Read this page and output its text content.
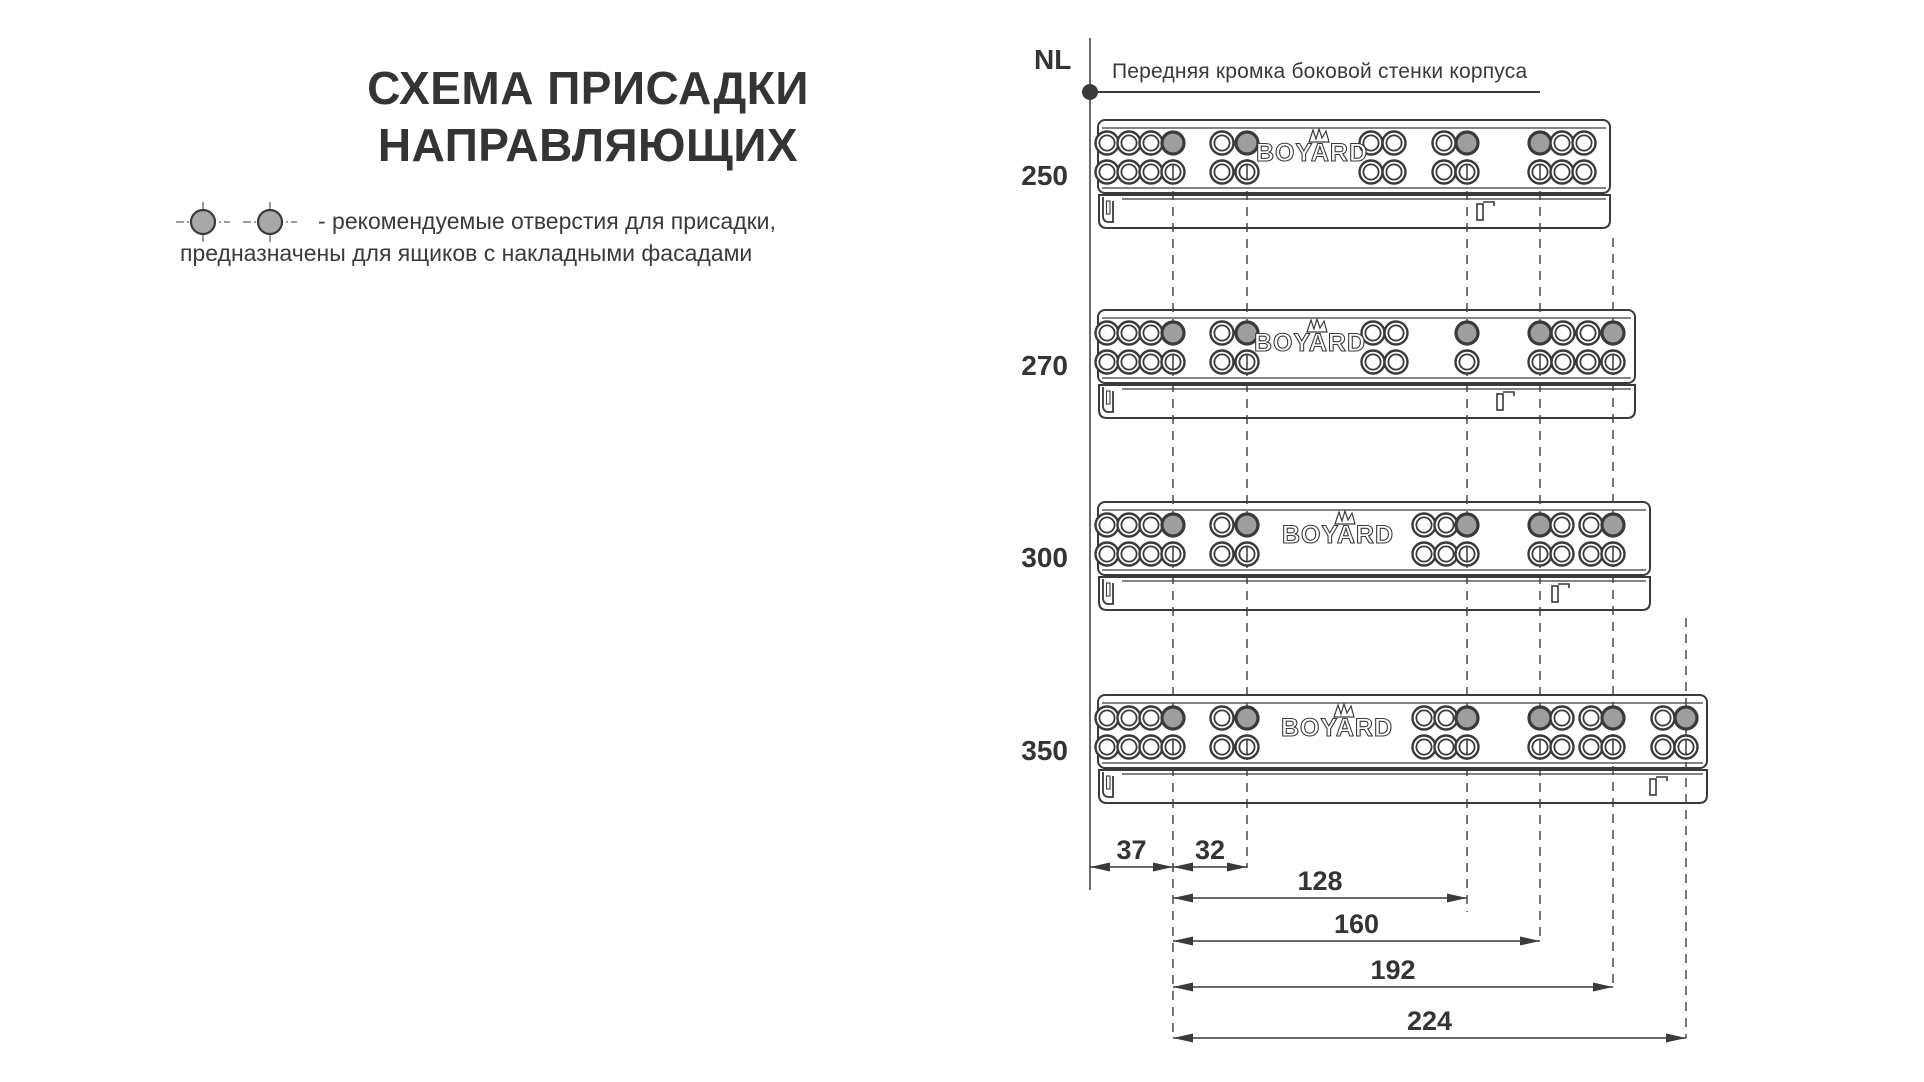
СХЕМА ПРИСАДКИ
НАПРАВЛЯЮЩИХ
- рекомендуемые отверстия для присадки,
предназначены для ящиков с накладными фасадами
NL Передняя кромка боковой стенки корпуса
BOYARD
BOYARD
BOYARD
BOYARD
250
270
300
350
37	32
128
160
192
224
